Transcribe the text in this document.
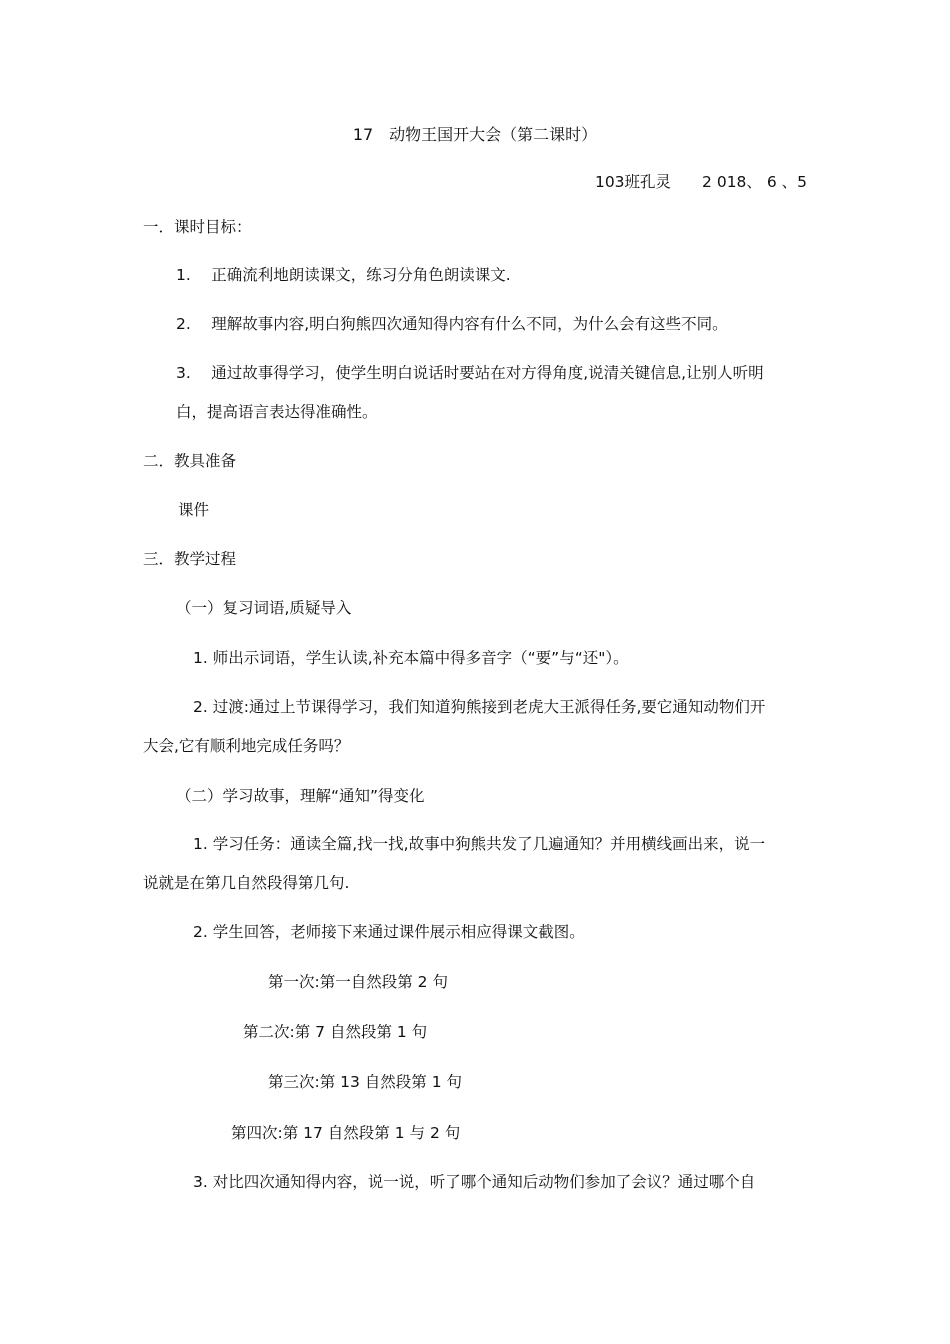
17　动物王国开大会（第二课时）
103班孔灵　　2 018、 6 、5
一．课时目标：
1.　 正确流利地朗读课文，练习分角色朗读课文.
2.　 理解故事内容,明白狗熊四次通知得内容有什么不同，为什么会有这些不同。
3.　 通过故事得学习，使学生明白说话时要站在对方得角度,说清关键信息,让别人听明
白，提高语言表达得准确性。
二．教具准备
课件
三．教学过程
（一）复习词语,质疑导入
1. 师出示词语，学生认读,补充本篇中得多音字（“要”与“还"）。
2. 过渡:通过上节课得学习，我们知道狗熊接到老虎大王派得任务,要它通知动物们开
大会,它有顺利地完成任务吗？
（二）学习故事，理解“通知”得变化
1. 学习任务：通读全篇,找一找,故事中狗熊共发了几遍通知？并用横线画出来，说一
说就是在第几自然段得第几句.
2. 学生回答，老师接下来通过课件展示相应得课文截图。
第一次:第一自然段第 2 句
第二次:第 7 自然段第 1 句
第三次:第 13 自然段第 1 句
第四次:第 17 自然段第 1 与 2 句
3. 对比四次通知得内容，说一说，听了哪个通知后动物们参加了会议？通过哪个自
